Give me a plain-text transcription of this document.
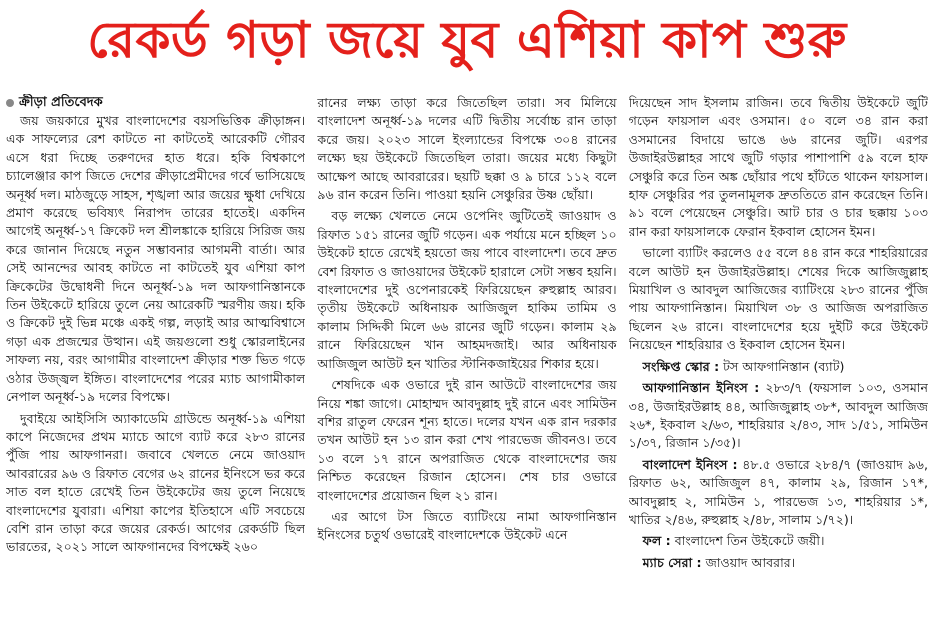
রেকর্ড গড়া জয়ে যুব এশিয়া কাপ শুরু
ক্রীড়া প্রতিবেদক

জয় জয়কারে মুখর বাংলাদেশের বয়সভিত্তিক ক্রীড়াঙ্গন। এক সাফল্যের রেশ কাটতে না কাটতেই আরেকটি গৌরব এসে ধরা দিচ্ছে তরুণদের হাত ধরে। হকি বিশ্বকাপে চ্যালেঞ্জার কাপ জিতে দেশের ক্রীড়াপ্রেমীদের গর্বে ভাসিয়েছে অনূর্ধ্ব দল। মাঠজুড়ে সাহস, শৃঙ্খলা আর জয়ের ক্ষুধা দেখিয়ে প্রমাণ করেছে ভবিষ্যৎ নিরাপদ তারের হাতেই। একদিন আগেই অনূর্ধ্ব-১৭ ক্রিকেট দল শ্রীলঙ্কাকে হারিয়ে সিরিজ জয় করে জানান দিয়েছে নতুন সম্ভাবনার আগমনী বার্তা। আর সেই আনন্দের আবহ কাটতে না কাটতেই যুব এশিয়া কাপ ক্রিকেটের উদ্বোধনী দিনে অনূর্ধ্ব-১৯ দল আফগানিস্তানকে তিন উইকেটে হারিয়ে তুলে নেয় আরেকটি স্মরণীয় জয়। হকি ও ক্রিকেট দুই ভিন্ন মঞ্চে একই গল্প, লড়াই আর আত্মবিশ্বাসে গড়া এক প্রজন্মের উত্থান। এই জয়গুলো শুধু স্কোরলাইনের সাফল্য নয়, বরং আগামীর বাংলাদেশ ক্রীড়ার শক্ত ভিত গড়ে ওঠার উজ্জ্বল ইঙ্গিত। বাংলাদেশের পরের ম্যাচ আগামীকাল নেপাল অনূর্ধ্ব-১৯ দলের বিপক্ষে।

দুবাইয়ে আইসিসি অ্যাকাডেমি গ্রাউন্ডে অনূর্ধ্ব-১৯ এশিয়া কাপে নিজেদের প্রথম ম্যাচে আগে ব্যাট করে ২৮৩ রানের পুঁজি পায় আফগানরা। জবাবে খেলতে নেমে জাওয়াদ আবরারের ৯৬ ও রিফাত বেগের ৬২ রানের ইনিংসে ভর করে সাত বল হাতে রেখেই তিন উইকেটের জয় তুলে নিয়েছে বাংলাদেশের যুবারা। এশিয়া কাপের ইতিহাসে এটি সবচেয়ে বেশি রান তাড়া করে জয়ের রেকর্ড। আগের রেকর্ডটি ছিল ভারতের, ২০২১ সালে আফগানদের বিপক্ষেই ২৬০

রানের লক্ষ্য তাড়া করে জিতেছিল তারা। সব মিলিয়ে বাংলাদেশ অনূর্ধ্ব-১৯ দলের এটি দ্বিতীয় সর্বোচ্চ রান তাড়া করে জয়। ২০২৩ সালে ইংল্যান্ডের বিপক্ষে ৩০৪ রানের লক্ষ্যে ছয় উইকেটে জিতেছিল তারা। জয়ের মধ্যে কিছুটা আক্ষেপ আছে আবরারের। ছয়টি ছক্কা ও ৯ চারে ১১২ বলে ৯৬ রান করেন তিনি। পাওয়া হয়নি সেঞ্চুরির উষ্ণ ছোঁয়া।

বড় লক্ষ্যে খেলতে নেমে ওপেনিং জুটিতেই জাওয়াদ ও রিফাত ১৫১ রানের জুটি গড়েন। এক পর্যায়ে মনে হচ্ছিল ১০ উইকেট হাতে রেখেই হয়তো জয় পাবে বাংলাদেশ। তবে দ্রুত বেশ রিফাত ও জাওয়াদের উইকেট হারালে সেটা সম্ভব হয়নি। বাংলাদেশের দুই ওপেনারকেই ফিরিয়েছেন রুহুল্লাহ আরব। তৃতীয় উইকেটে অধিনায়ক আজিজুল হাকিম তামিম ও কালাম সিদ্দিকী মিলে ৬৬ রানের জুটি গড়েন। কালাম ২৯ রানে ফিরিয়েছেন খান আহমদজাই। আর অধিনায়ক আজিজুল আউট হন খাতির স্টানিকজাইয়ের শিকার হয়ে।

শেষদিকে এক ওভারে দুই রান আউটে বাংলাদেশের জয় নিয়ে শঙ্কা জাগে। মোহাম্মদ আবদুল্লাহ দুই রানে এবং সামিউন বশির রাতুল ফেরেন শূন্য হাতে। দলের যখন এক রান দরকার তখন আউট হন ১৩ রান করা শেখ পারভেজ জীবনও। তবে ১৩ বলে ১৭ রানে অপরাজিত থেকে বাংলাদেশের জয় নিশ্চিত করেছেন রিজান হোসেন। শেষ চার ওভারে বাংলাদেশের প্রয়োজন ছিল ২১ রান।

এর আগে টস জিতে ব্যাটিংয়ে নামা আফগানিস্তান ইনিংসের চতুর্থ ওভারেই বাংলাদেশকে উইকেট এনে

দিয়েছেন সাদ ইসলাম রাজিন। তবে দ্বিতীয় উইকেটে জুটি গড়েন ফায়সাল এবং ওসমান। ৫০ বলে ৩৪ রান করা ওসমানের বিদায়ে ভাঙে ৬৬ রানের জুটি। এরপর উজাইরউল্লাহর সাথে জুটি গড়ার পাশাপাশি ৫৯ বলে হাফ সেঞ্চুরি করে তিন অঙ্ক ছোঁয়ার পথে হাঁটতে থাকেন ফায়সাল। হাফ সেঞ্চুরির পর তুলনামূলক দ্রুততিতে রান করেছেন তিনি। ৯১ বলে পেয়েছেন সেঞ্চুরি। আট চার ও চার ছক্কায় ১০৩ রান করা ফায়সালকে ফেরান ইকবাল হোসেন ইমন।

ভালো ব্যাটিং করলেও ৫৫ বলে ৪৪ রান করে শাহরিয়ারের বলে আউট হন উজাইরউল্লাহ। শেষের দিকে আজিজুল্লাহ মিয়াখিল ও আবদুল আজিজের ব্যাটিংয়ে ২৮৩ রানের পুঁজি পায় আফগানিস্তান। মিয়াখিল ৩৮ ও আজিজ অপরাজিত ছিলেন ২৬ রানে। বাংলাদেশের হয়ে দুইটি করে উইকেট নিয়েছেন শাহরিয়ার ও ইকবাল হোসেন ইমন।

সংক্ষিপ্ত স্কোর : টস আফগানিস্তান (ব্যাট)

আফগানিস্তান ইনিংস : ২৮৩/৭ (ফয়সাল ১০৩, ওসমান ৩৪, উজাইরউল্লাহ ৪৪, আজিজুল্লাহ ৩৮*, আবদুল আজিজ ২৬*, ইকবাল ২/৬৩, শাহরিয়ার ২/৪৩, সাদ ১/৫১, সামিউন ১/৩৭, রিজান ১/৩৫)।

বাংলাদেশ ইনিংস : ৪৮.৫ ওভারে ২৮৪/৭ (জাওয়াদ ৯৬, রিফাত ৬২, আজিজুল ৪৭, কালাম ২৯, রিজান ১৭*, আবদুল্লাহ ২, সামিউন ১, পারভেজ ১৩, শাহরিয়ার ১*, খাতির ২/৪৬, রুহুল্লাহ ২/৪৮, সালাম ১/৭২)।

ফল : বাংলাদেশ তিন উইকেটে জয়ী।

ম্যাচ সেরা : জাওয়াদ আবরার।
